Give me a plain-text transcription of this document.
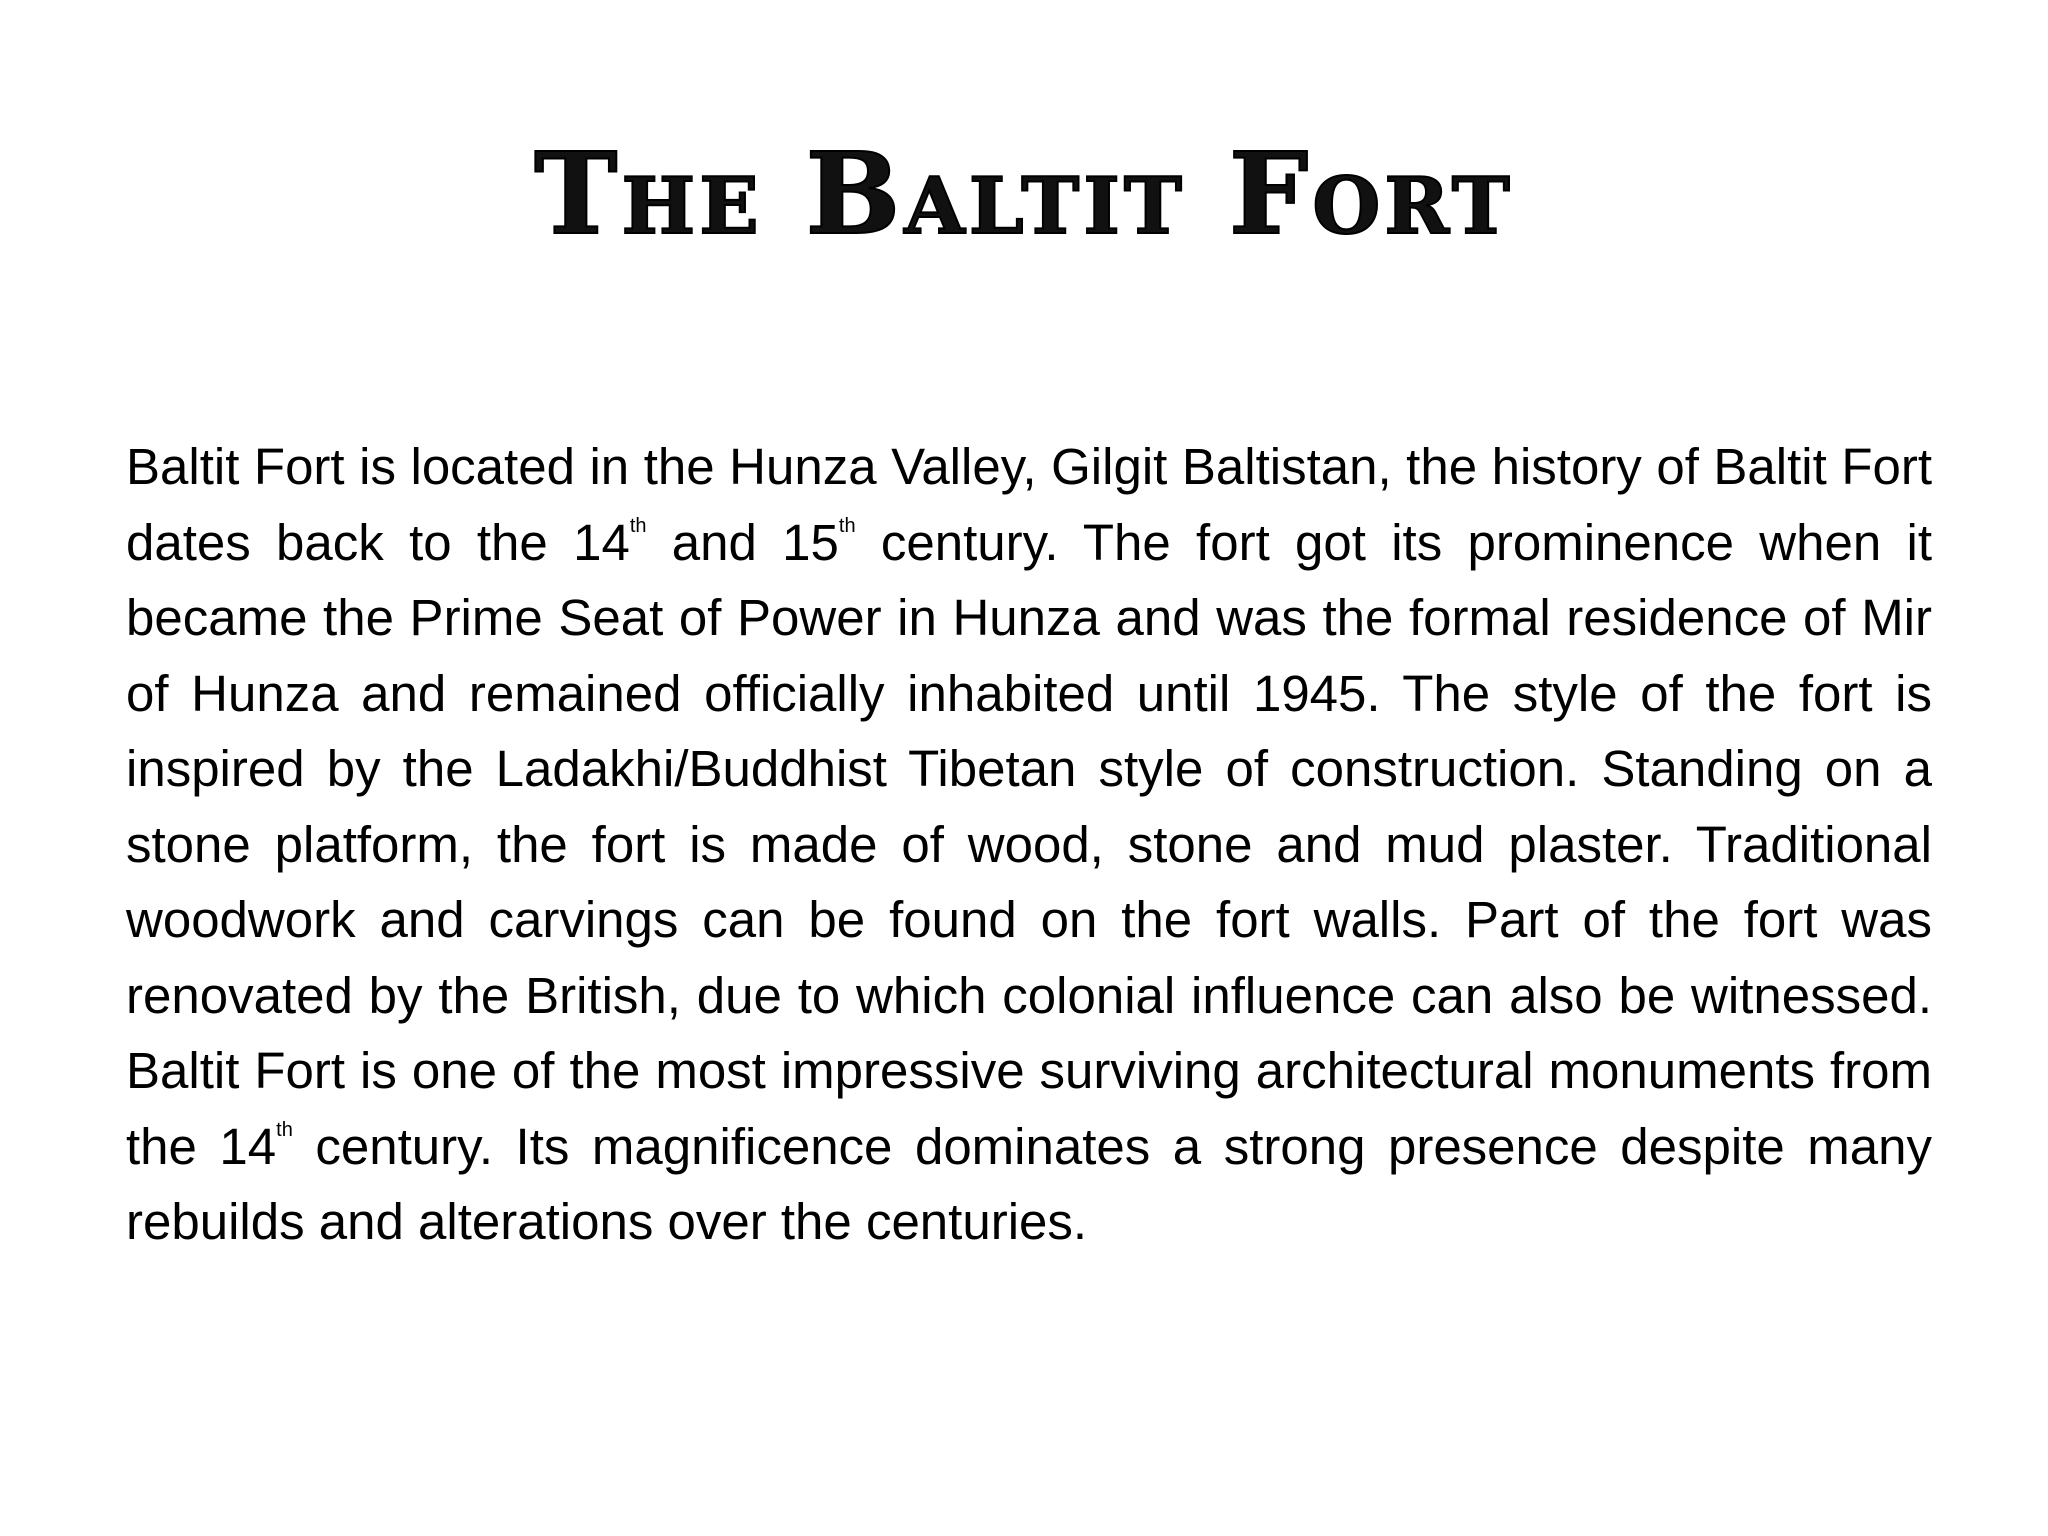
The Baltit Fort

Baltit Fort is located in the Hunza Valley, Gilgit Baltistan, the history of Baltit Fort dates back to the 14th and 15th century. The fort got its prominence when it became the Prime Seat of Power in Hunza and was the formal residence of Mir of Hunza and remained officially inhabited until 1945. The style of the fort is inspired by the Ladakhi/Buddhist Tibetan style of construction. Standing on a stone platform, the fort is made of wood, stone and mud plaster. Traditional woodwork and carvings can be found on the fort walls. Part of the fort was renovated by the British, due to which colonial influence can also be witnessed. Baltit Fort is one of the most impressive surviving architectural monuments from the 14th century. Its magnificence dominates a strong presence despite many rebuilds and alterations over the centuries.
